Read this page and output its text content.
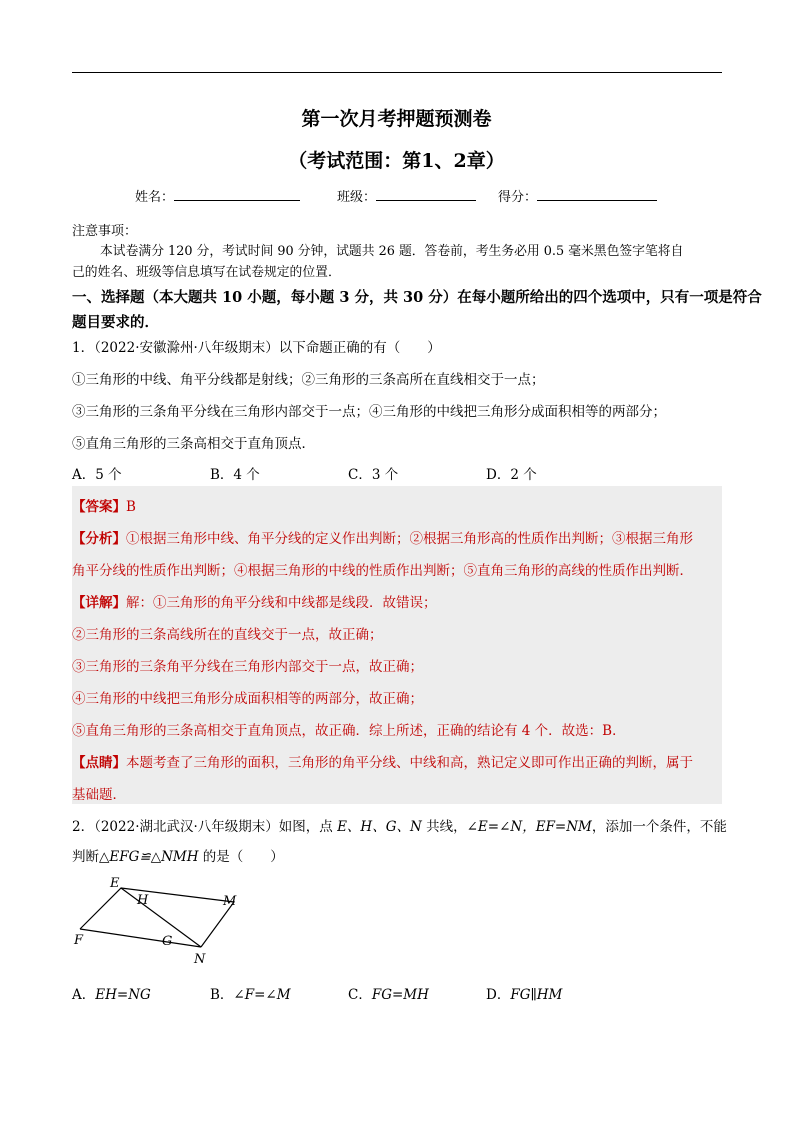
第一次月考押题预测卷
（考试范围：第1、2章）
姓名：	班级：	得分：
注意事项：
本试卷满分 120 分，考试时间 90 分钟，试题共 26 题．答卷前，考生务必用 0.5 毫米黑色签字笔将自
己的姓名、班级等信息填写在试卷规定的位置．
一、选择题（本大题共 10 小题，每小题 3 分，共 30 分）在每小题所给出的四个选项中，只有一项是符合
题目要求的．
1．（2022·安徽滁州·八年级期末）以下命题正确的有（　　）
①三角形的中线、角平分线都是射线；②三角形的三条高所在直线相交于一点；
③三角形的三条角平分线在三角形内部交于一点；④三角形的中线把三角形分成面积相等的两部分；
⑤直角三角形的三条高相交于直角顶点．
A．5 个	B．4 个	C．3 个	D．2 个
【答案】B
【分析】①根据三角形中线、角平分线的定义作出判断；②根据三角形高的性质作出判断；③根据三角形
角平分线的性质作出判断；④根据三角形的中线的性质作出判断；⑤直角三角形的高线的性质作出判断．
【详解】解：①三角形的角平分线和中线都是线段．故错误；
②三角形的三条高线所在的直线交于一点，故正确；
③三角形的三条角平分线在三角形内部交于一点，故正确；
④三角形的中线把三角形分成面积相等的两部分，故正确；
⑤直角三角形的三条高相交于直角顶点，故正确．综上所述，正确的结论有 4 个．故选：B．
【点睛】本题考查了三角形的面积，三角形的角平分线、中线和高，熟记定义即可作出正确的判断，属于
基础题．
2．（2022·湖北武汉·八年级期末）如图，点 E、H、G、N 共线，∠E=∠N，EF=NM，添加一个条件，不能
判断△EFG≌△NMH 的是（　　）
E
H	M
F	G
N
A．EH=NG	B．∠F=∠M	C．FG=MH	D．FG∥HM
